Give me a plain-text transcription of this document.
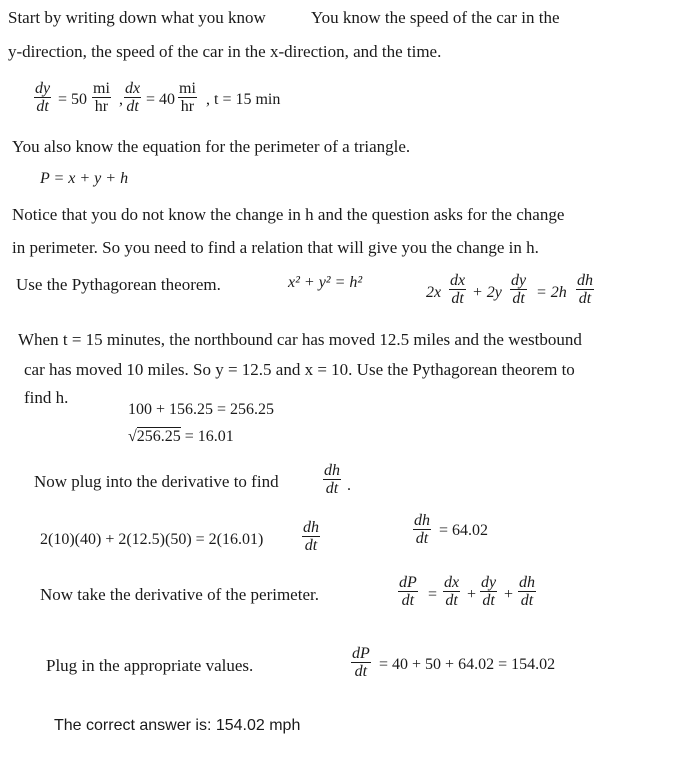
Start by writing down what you know	You know the speed of the car in the
y-direction, the speed of the car in the x-direction, and the time.
$\frac{dy}{dt} = 50 \frac{mi}{hr}$ , $\frac{dx}{dt} = 40 \frac{mi}{hr}$ , t = 15 min
You also know the equation for the perimeter of a triangle.
P = x + y + h
Notice that you do not know the change in h and the question asks for the change
in perimeter. So you need to find a relation that will give you the change in h.
Use the Pythagorean theorem.	x² + y² = h²
$2x \frac{dx}{dt} + 2y \frac{dy}{dt} = 2h \frac{dh}{dt}$
When t = 15 minutes, the northbound car has moved 12.5 miles and the westbound
car has moved 10 miles. So y = 12.5 and x = 10. Use the Pythagorean theorem to
find h.
100 + 156.25 = 256.25
√256.25 = 16.01
Now plug into the derivative to find	$\frac{dh}{dt}$ .
$2(10)(40) + 2(12.5)(50) = 2(16.01) \frac{dh}{dt}$	$\frac{dh}{dt} = 64.02$
Now take the derivative of the perimeter.	$\frac{dP}{dt} = \frac{dx}{dt} + \frac{dy}{dt} + \frac{dh}{dt}$
Plug in the appropriate values.	$\frac{dP}{dt} = 40 + 50 + 64.02 = 154.02$
The correct answer is: 154.02 mph
